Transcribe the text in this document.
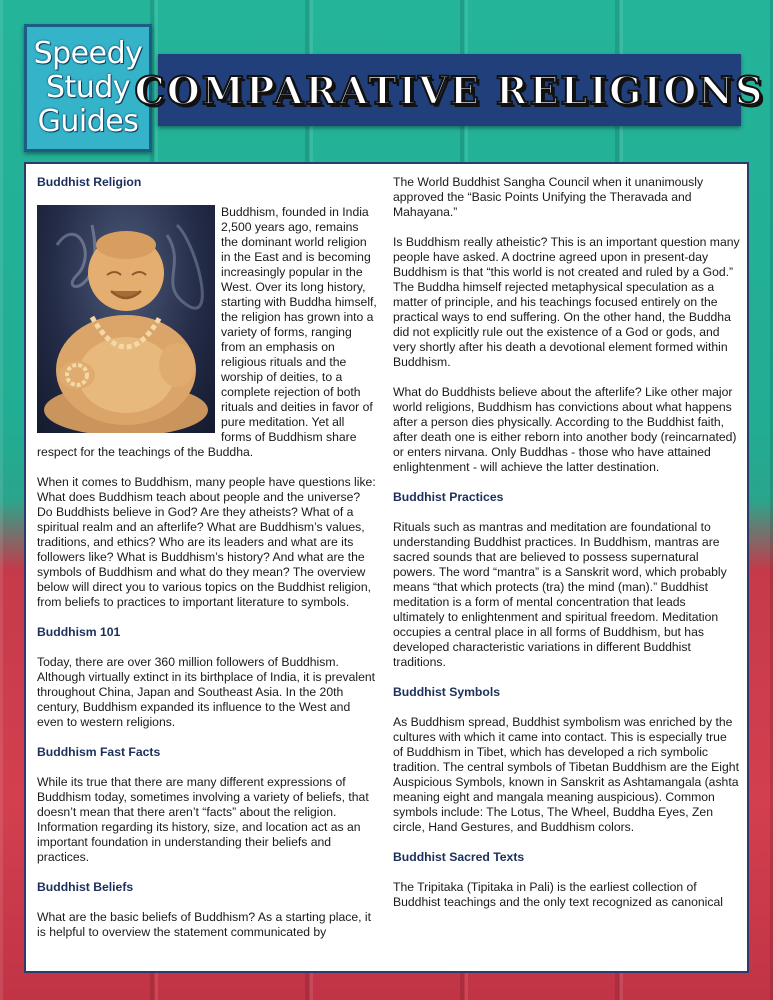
Speedy
Study
Guides
COMPARATIVE RELIGIONS
Buddhist Religion

Buddhism, founded in India 2,500 years ago, remains the dominant world religion in the East and is becoming increasingly popular in the West. Over its long history, starting with Buddha himself, the religion has grown into a variety of forms, ranging from an emphasis on religious rituals and the worship of deities, to a complete rejection of both rituals and deities in favor of pure meditation. Yet all forms of Buddhism share respect for the teachings of the Buddha.

When it comes to Buddhism, many people have questions like: What does Buddhism teach about people and the universe? Do Buddhists believe in God? Are they atheists? What of a spiritual realm and an afterlife? What are Buddhism’s values, traditions, and ethics? Who are its leaders and what are its followers like? What is Buddhism’s history? And what are the symbols of Buddhism and what do they mean? The overview below will direct you to various topics on the Buddhist religion, from beliefs to practices to important literature to symbols.

Buddhism 101

Today, there are over 360 million followers of Buddhism. Although virtually extinct in its birthplace of India, it is prevalent throughout China, Japan and Southeast Asia. In the 20th century, Buddhism expanded its influence to the West and even to western religions.

Buddhism Fast Facts

While its true that there are many different expressions of Buddhism today, sometimes involving a variety of beliefs, that doesn’t mean that there aren’t “facts” about the religion. Information regarding its history, size, and location act as an important foundation in understanding their beliefs and practices.

Buddhist Beliefs

What are the basic beliefs of Buddhism? As a starting place, it is helpful to overview the statement communicated by

The World Buddhist Sangha Council when it unanimously approved the “Basic Points Unifying the Theravada and Mahayana.”

Is Buddhism really atheistic? This is an important question many people have asked. A doctrine agreed upon in present-day Buddhism is that “this world is not created and ruled by a God.” The Buddha himself rejected metaphysical speculation as a matter of principle, and his teachings focused entirely on the practical ways to end suffering. On the other hand, the Buddha did not explicitly rule out the existence of a God or gods, and very shortly after his death a devotional element formed within Buddhism.

What do Buddhists believe about the afterlife? Like other major world religions, Buddhism has convictions about what happens after a person dies physically. According to the Buddhist faith, after death one is either reborn into another body (reincarnated) or enters nirvana. Only Buddhas - those who have attained enlightenment - will achieve the latter destination.

Buddhist Practices

Rituals such as mantras and meditation are foundational to understanding Buddhist practices. In Buddhism, mantras are sacred sounds that are believed to possess supernatural powers. The word “mantra” is a Sanskrit word, which probably means “that which protects (tra) the mind (man).” Buddhist meditation is a form of mental concentration that leads ultimately to enlightenment and spiritual freedom. Meditation occupies a central place in all forms of Buddhism, but has developed characteristic variations in different Buddhist traditions.

Buddhist Symbols

As Buddhism spread, Buddhist symbolism was enriched by the cultures with which it came into contact. This is especially true of Buddhism in Tibet, which has developed a rich symbolic tradition. The central symbols of Tibetan Buddhism are the Eight Auspicious Symbols, known in Sanskrit as Ashtamangala (ashta meaning eight and mangala meaning auspicious). Common symbols include: The Lotus, The Wheel, Buddha Eyes, Zen circle, Hand Gestures, and Buddhism colors.

Buddhist Sacred Texts

The Tripitaka (Tipitaka in Pali) is the earliest collection of Buddhist teachings and the only text recognized as canonical
